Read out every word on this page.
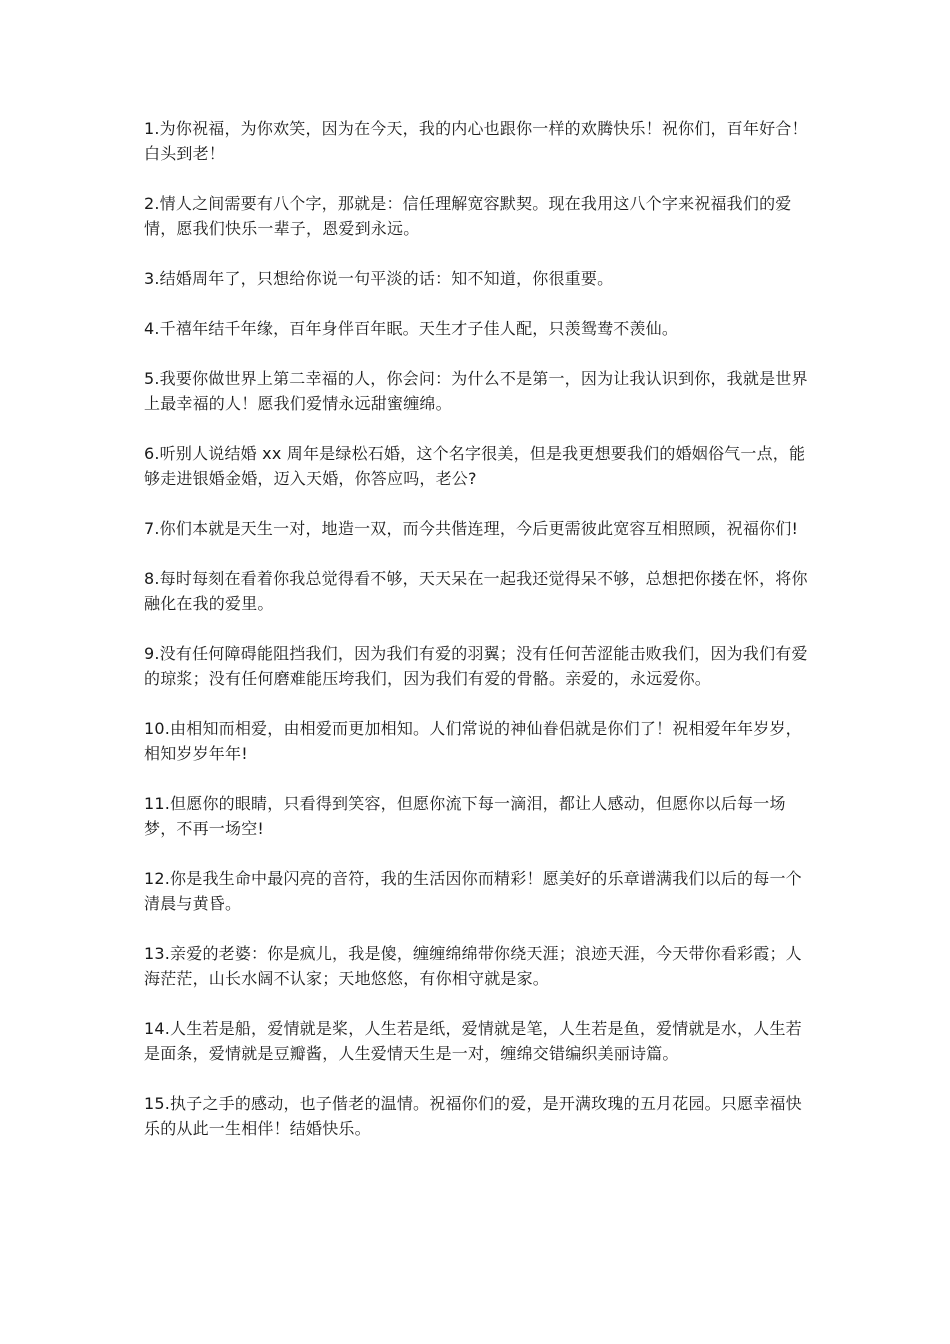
1.为你祝福，为你欢笑，因为在今天，我的内心也跟你一样的欢腾快乐！祝你们，百年好合！白头到老！

2.情人之间需要有八个字，那就是：信任理解宽容默契。现在我用这八个字来祝福我们的爱情，愿我们快乐一辈子，恩爱到永远。

3.结婚周年了，只想给你说一句平淡的话：知不知道，你很重要。

4.千禧年结千年缘，百年身伴百年眠。天生才子佳人配，只羡鸳鸯不羡仙。

5.我要你做世界上第二幸福的人，你会问：为什么不是第一，因为让我认识到你，我就是世界上最幸福的人！愿我们爱情永远甜蜜缠绵。

6.听别人说结婚 xx 周年是绿松石婚，这个名字很美，但是我更想要我们的婚姻俗气一点，能够走进银婚金婚，迈入天婚，你答应吗，老公?

7.你们本就是天生一对，地造一双，而今共偕连理，今后更需彼此宽容互相照顾，祝福你们!

8.每时每刻在看着你我总觉得看不够，天天呆在一起我还觉得呆不够，总想把你搂在怀，将你融化在我的爱里。

9.没有任何障碍能阻挡我们，因为我们有爱的羽翼；没有任何苦涩能击败我们，因为我们有爱的琼浆；没有任何磨难能压垮我们，因为我们有爱的骨骼。亲爱的，永远爱你。

10.由相知而相爱，由相爱而更加相知。人们常说的神仙眷侣就是你们了！祝相爱年年岁岁，相知岁岁年年!

11.但愿你的眼睛，只看得到笑容，但愿你流下每一滴泪，都让人感动，但愿你以后每一场梦，不再一场空!

12.你是我生命中最闪亮的音符，我的生活因你而精彩！愿美好的乐章谱满我们以后的每一个清晨与黄昏。

13.亲爱的老婆：你是疯儿，我是傻，缠缠绵绵带你绕天涯；浪迹天涯，今天带你看彩霞；人海茫茫，山长水阔不认家；天地悠悠，有你相守就是家。

14.人生若是船，爱情就是桨，人生若是纸，爱情就是笔，人生若是鱼，爱情就是水，人生若是面条，爱情就是豆瓣酱，人生爱情天生是一对，缠绵交错编织美丽诗篇。

15.执子之手的感动，也子偕老的温情。祝福你们的爱，是开满玫瑰的五月花园。只愿幸福快乐的从此一生相伴！结婚快乐。
